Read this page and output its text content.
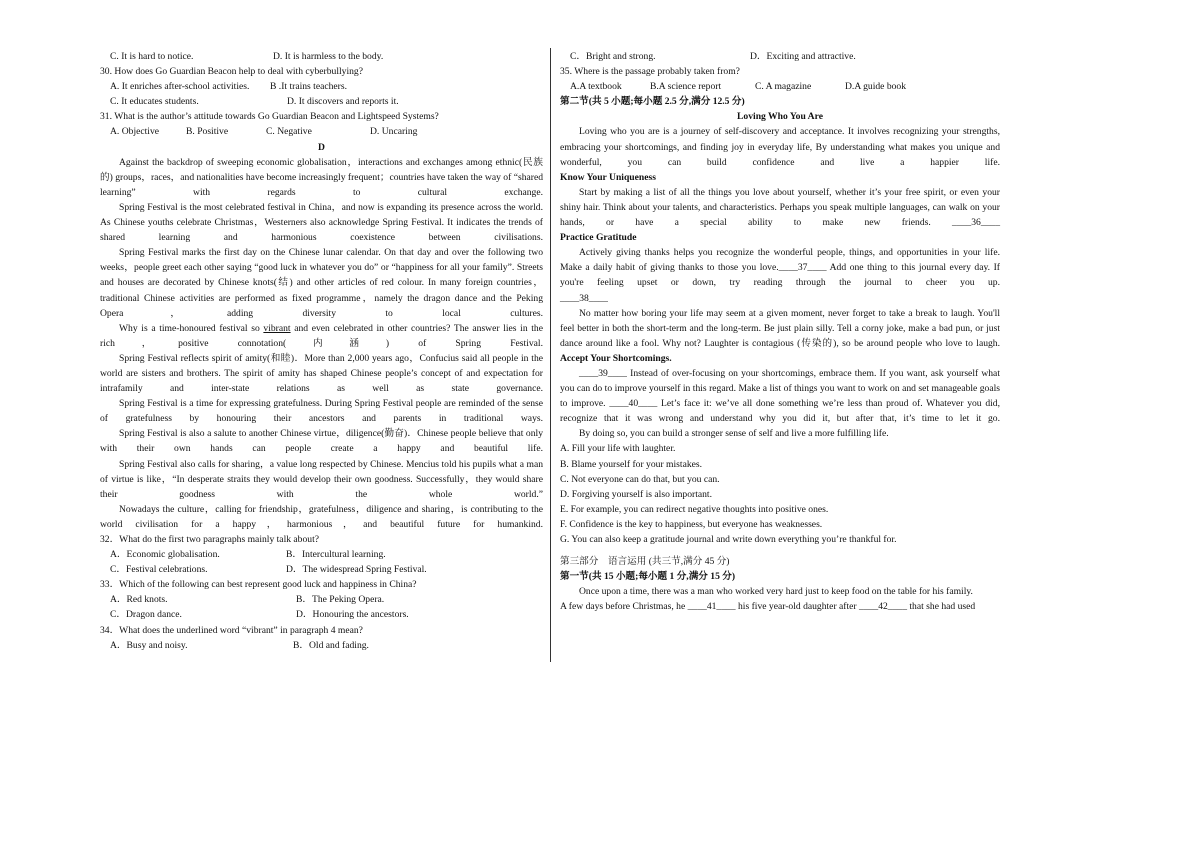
C. It is hard to notice.	D. It is harmless to the body.
30. How does Go Guardian Beacon help to deal with cyberbullying?
A. It enriches after-school activities. B .It trains teachers.
C. It educates students.	D. It discovers and reports it.
31. What is the author’s attitude towards Go Guardian Beacon and Lightspeed Systems?
A. Objective	B. Positive	C. Negative	D. Uncaring
D
Against the backdrop of sweeping economic globalisation，interactions and exchanges among ethnic(民族的) groups，races，and nationalities have become increasingly frequent；countries have taken the way of “shared learning” with regards to cultural exchange.
Spring Festival is the most celebrated festival in China，and now is expanding its presence across the world. As Chinese youths celebrate Christmas，Westerners also acknowledge Spring Festival. It indicates the trends of shared learning and harmonious coexistence between civilisations.
Spring Festival marks the first day on the Chinese lunar calendar. On that day and over the following two weeks，people greet each other saying “good luck in whatever you do” or “happiness for all your family”. Streets and houses are decorated by Chinese knots(结) and other articles of red colour. In many foreign countries，traditional Chinese activities are performed as fixed programme，namely the dragon dance and the Peking Opera，adding diversity to local cultures.
Why is a time-honoured festival so vibrant and even celebrated in other countries? The answer lies in the rich，positive connotation(内涵) of Spring Festival.
Spring Festival reflects spirit of amity(和睦)．More than 2,000 years ago，Confucius said all people in the world are sisters and brothers. The spirit of amity has shaped Chinese people’s concept of and expectation for intrafamily and inter-state relations as well as state governance.
Spring Festival is a time for expressing gratefulness. During Spring Festival people are reminded of the sense of gratefulness by honouring their ancestors and parents in traditional ways.
Spring Festival is also a salute to another Chinese virtue，diligence(勤奋)．Chinese people believe that only with their own hands can people create a happy and beautiful life.
Spring Festival also calls for sharing，a value long respected by Chinese. Mencius told his pupils what a man of virtue is like，“In desperate straits they would develop their own goodness. Successfully，they would share their goodness with the whole world.”
Nowadays the culture，calling for friendship，gratefulness，diligence and sharing，is contributing to the world civilisation for a happy，harmonious，and beautiful future for humankind.
32．What do the first two paragraphs mainly talk about?
A．Economic globalisation.	B．Intercultural learning.
C．Festival celebrations.	D．The widespread Spring Festival.
33．Which of the following can best represent good luck and happiness in China?
A．Red knots.	B．The Peking Opera.
C．Dragon dance.	D．Honouring the ancestors.
34．What does the underlined word “vibrant” in paragraph 4 mean?
A．Busy and noisy.	B．Old and fading.
C．Bright and strong.	D．Exciting and attractive.
35. Where is the passage probably taken from?
A.A textbook	B.A science report	C. A magazine	D.A guide book
第二节(共 5 小题;每小题 2.5 分,满分 12.5 分)
Loving Who You Are
Loving who you are is a journey of self-discovery and acceptance. It involves recognizing your strengths, embracing your shortcomings, and finding joy in everyday life, By understanding what makes you unique and wonderful, you can build confidence and live a happier life.
Know Your Uniqueness
Start by making a list of all the things you love about yourself, whether it’s your free spirit, or even your shiny hair. Think about your talents, and characteristics. Perhaps you speak multiple languages, can walk on your hands, or have a special ability to make new friends. ____36____
Practice Gratitude
Actively giving thanks helps you recognize the wonderful people, things, and opportunities in your life. Make a daily habit of giving thanks to those you love.____37____ Add one thing to this journal every day. If you're feeling upset or down, try reading through the journal to cheer you up.
____38____
No matter how boring your life may seem at a given moment, never forget to take a break to laugh. You'll feel better in both the short-term and the long-term. Be just plain silly. Tell a corny joke, make a bad pun, or just dance around like a fool. Why not? Laughter is contagious (传染的), so be around people who love to laugh.
Accept Your Shortcomings.
____39____ Instead of over-focusing on your shortcomings, embrace them. If you want, ask yourself what you can do to improve yourself in this regard. Make a list of things you want to work on and set manageable goals to improve. ____40____ Let’s face it: we’ve all done something we’re less than proud of. Whatever you did, recognize that it was wrong and understand why you did it, but after that, it’s time to let it go.
By doing so, you can build a stronger sense of self and live a more fulfilling life.
A. Fill your life with laughter.
B. Blame yourself for your mistakes.
C. Not everyone can do that, but you can.
D. Forgiving yourself is also important.
E. For example, you can redirect negative thoughts into positive ones.
F. Confidence is the key to happiness, but everyone has weaknesses.
G. You can also keep a gratitude journal and write down everything you’re thankful for.
第三部分　语言运用 (共三节,满分 45 分)
第一节(共 15 小题;每小题 1 分,满分 15 分)
Once upon a time, there was a man who worked very hard just to keep food on the table for his family.
A few days before Christmas, he ____41____ his five year-old daughter after ____42____ that she had used
